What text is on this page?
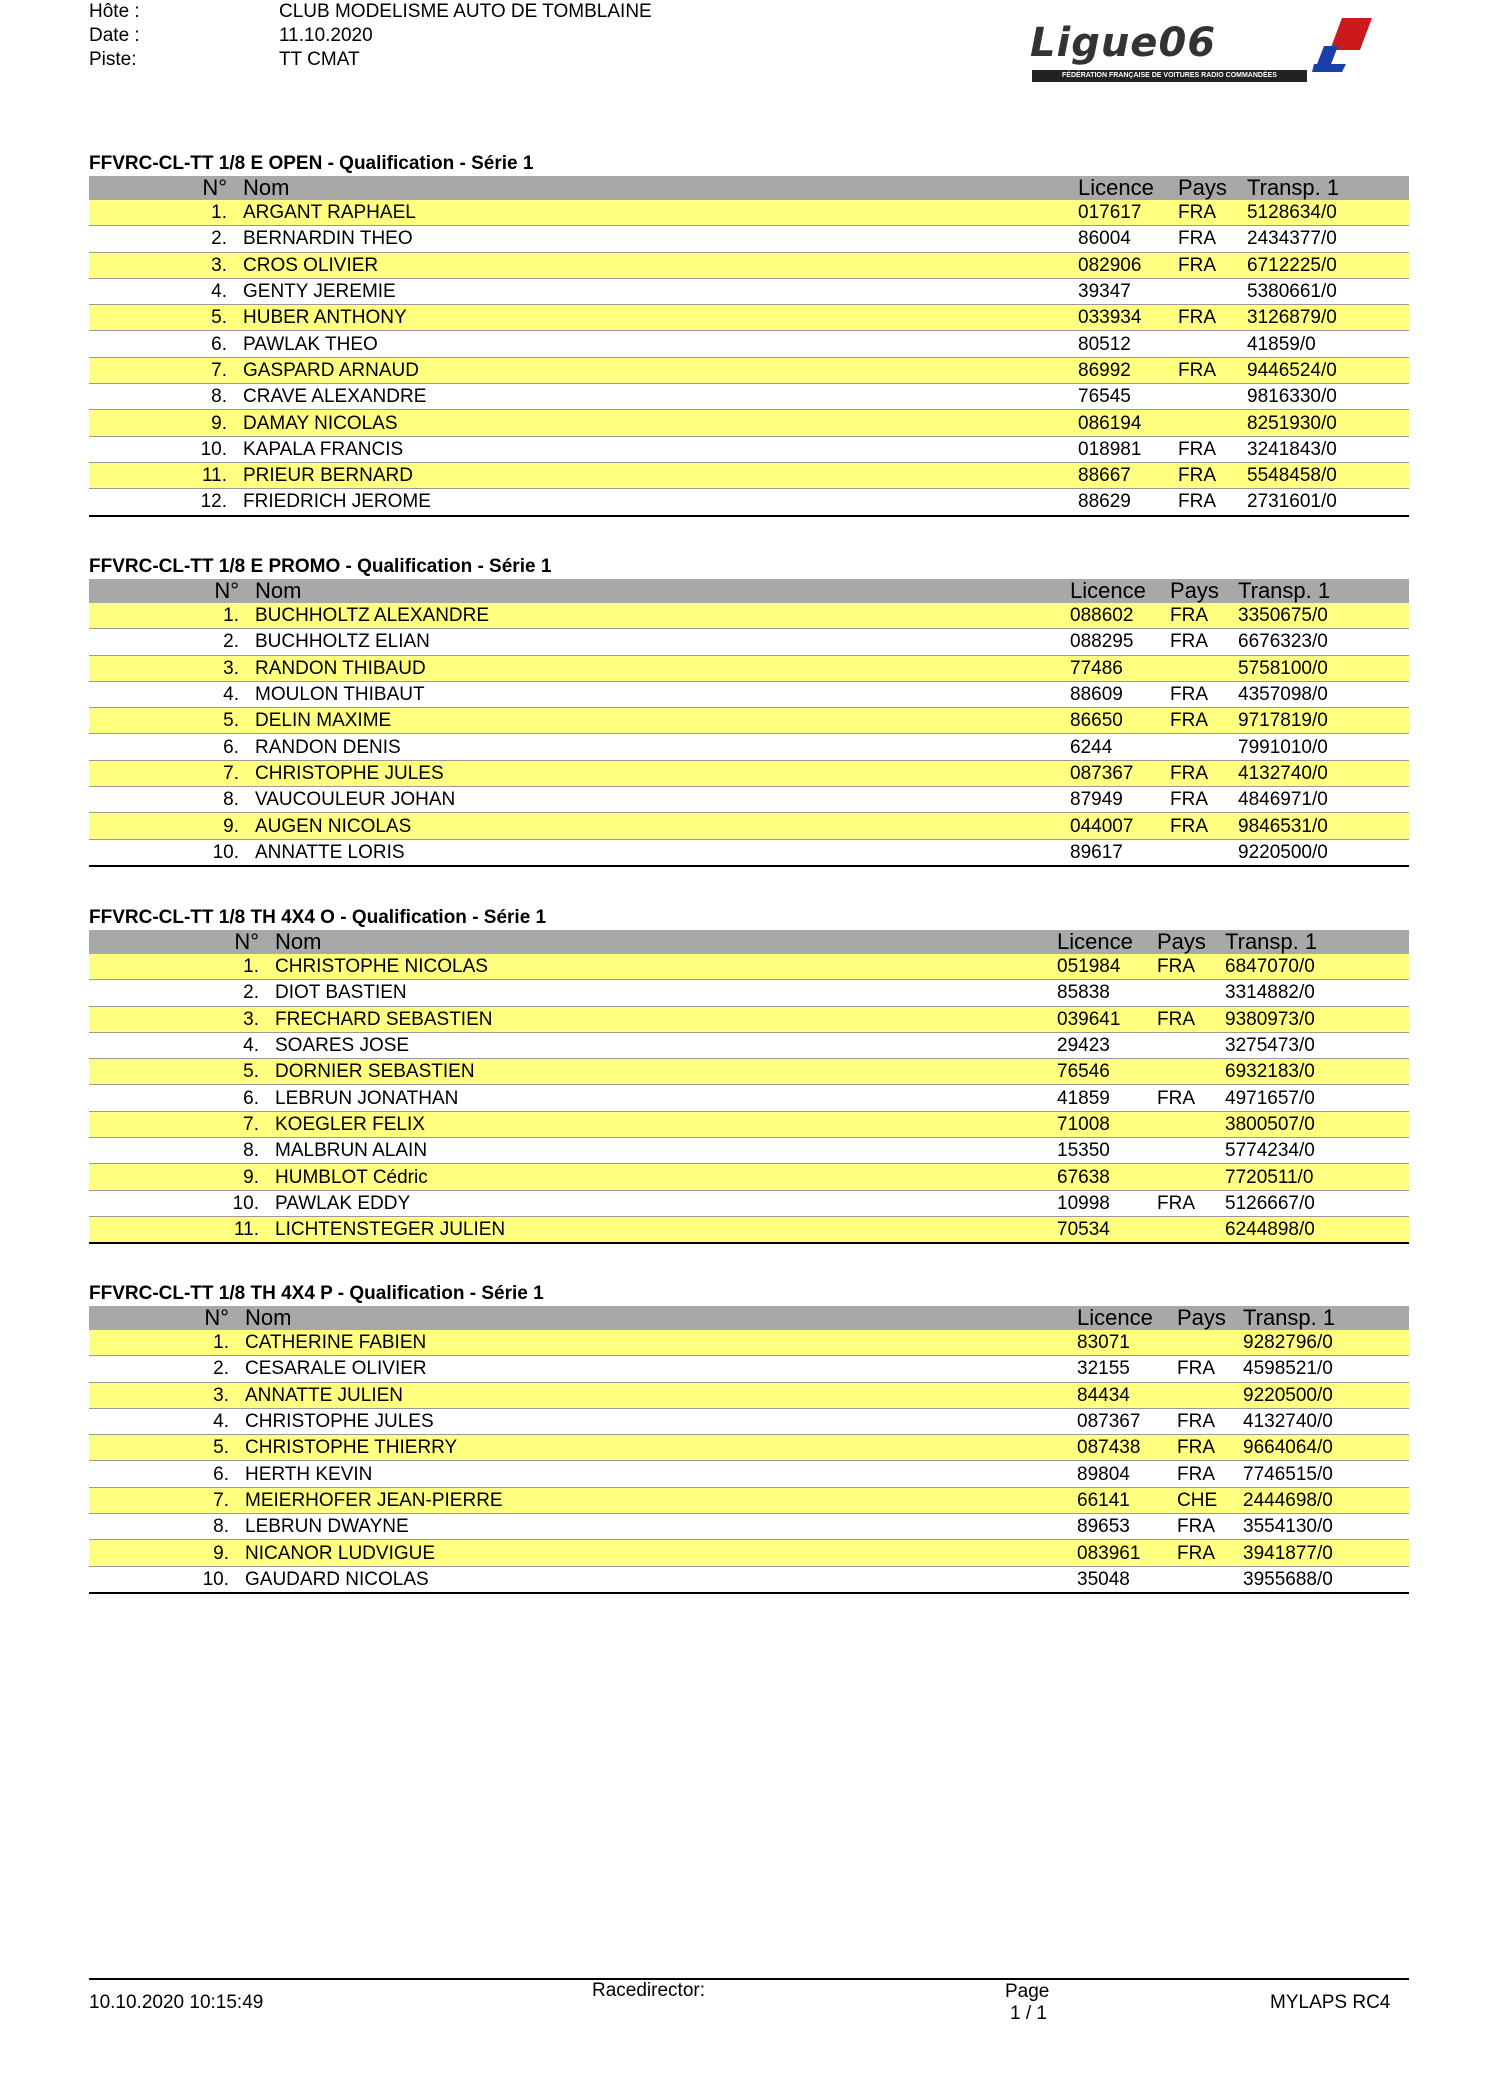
Hôte :	CLUB MODELISME AUTO DE TOMBLAINE
Date :	11.10.2020
Piste:	TT CMAT	Ligue06
FÉDÉRATION FRANÇAISE DE VOITURES RADIO COMMANDÉES
FFVRC-CL-TT 1/8 E OPEN - Qualification - Série 1
N°	Nom	Licence	Pays	Transp. 1
1.	ARGANT RAPHAEL	017617	FRA	5128634/0
2.	BERNARDIN THEO	86004	FRA	2434377/0
3.	CROS OLIVIER	082906	FRA	6712225/0
4.	GENTY JEREMIE	39347		5380661/0
5.	HUBER ANTHONY	033934	FRA	3126879/0
6.	PAWLAK THEO	80512		41859/0
7.	GASPARD ARNAUD	86992	FRA	9446524/0
8.	CRAVE ALEXANDRE	76545		9816330/0
9.	DAMAY NICOLAS	086194		8251930/0
10.	KAPALA FRANCIS	018981	FRA	3241843/0
11.	PRIEUR BERNARD	88667	FRA	5548458/0
12.	FRIEDRICH JEROME	88629	FRA	2731601/0
FFVRC-CL-TT 1/8 E PROMO - Qualification - Série 1
N°	Nom	Licence	Pays	Transp. 1
1.	BUCHHOLTZ ALEXANDRE	088602	FRA	3350675/0
2.	BUCHHOLTZ ELIAN	088295	FRA	6676323/0
3.	RANDON THIBAUD	77486		5758100/0
4.	MOULON THIBAUT	88609	FRA	4357098/0
5.	DELIN MAXIME	86650	FRA	9717819/0
6.	RANDON DENIS	6244		7991010/0
7.	CHRISTOPHE JULES	087367	FRA	4132740/0
8.	VAUCOULEUR JOHAN	87949	FRA	4846971/0
9.	AUGEN NICOLAS	044007	FRA	9846531/0
10.	ANNATTE LORIS	89617		9220500/0
FFVRC-CL-TT 1/8 TH 4X4 O - Qualification - Série 1
N°	Nom	Licence	Pays	Transp. 1
1.	CHRISTOPHE NICOLAS	051984	FRA	6847070/0
2.	DIOT BASTIEN	85838		3314882/0
3.	FRECHARD SEBASTIEN	039641	FRA	9380973/0
4.	SOARES JOSE	29423		3275473/0
5.	DORNIER SEBASTIEN	76546		6932183/0
6.	LEBRUN JONATHAN	41859	FRA	4971657/0
7.	KOEGLER FELIX	71008		3800507/0
8.	MALBRUN ALAIN	15350		5774234/0
9.	HUMBLOT Cédric	67638		7720511/0
10.	PAWLAK EDDY	10998	FRA	5126667/0
11.	LICHTENSTEGER JULIEN	70534		6244898/0
FFVRC-CL-TT 1/8 TH 4X4 P - Qualification - Série 1
N°	Nom	Licence	Pays	Transp. 1
1.	CATHERINE FABIEN	83071		9282796/0
2.	CESARALE OLIVIER	32155	FRA	4598521/0
3.	ANNATTE JULIEN	84434		9220500/0
4.	CHRISTOPHE JULES	087367	FRA	4132740/0
5.	CHRISTOPHE THIERRY	087438	FRA	9664064/0
6.	HERTH KEVIN	89804	FRA	7746515/0
7.	MEIERHOFER JEAN-PIERRE	66141	CHE	2444698/0
8.	LEBRUN DWAYNE	89653	FRA	3554130/0
9.	NICANOR LUDVIGUE	083961	FRA	3941877/0
10.	GAUDARD NICOLAS	35048		3955688/0
10.10.2020 10:15:49
Racedirector:	Page
1 / 1
MYLAPS RC4
